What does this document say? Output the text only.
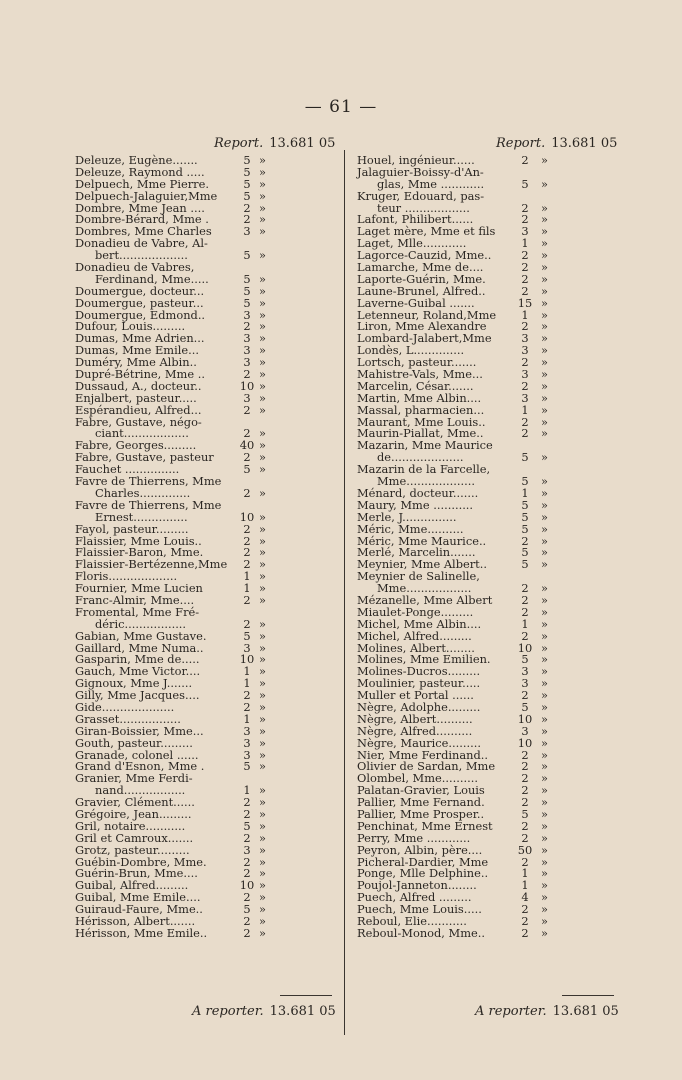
— 61 —
Report. 13.681 05	Report. 13.681 05
Deleuze, Eugène.......	5 »
Deleuze, Raymond .....	5 »
Delpuech, Mme Pierre.	5 »
Delpuech-Jalaguier,Mme	5 »
Dombre, Mme Jean ....	2 »
Dombre-Bérard, Mme .	2 »
Dombres, Mme Charles	3 »
Donadieu de Vabre, Al-
bert...................	5 »
Donadieu de Vabres,
Ferdinand, Mme.....	5 »
Doumergue, docteur...	5 »
Doumergue, pasteur...	5 »
Doumergue, Edmond..	3 »
Dufour, Louis.........	2 »
Dumas, Mme Adrien...	3 »
Dumas, Mme Emile...	3 »
Duméry, Mme Albin..	3 »
Dupré-Bétrine, Mme ..	2 »
Dussaud, A., docteur..	10 »
Enjalbert, pasteur.....	3 »
Espérandieu, Alfred...	2 »
Fabre, Gustave, négo-
ciant..................	2 »
Fabre, Georges.........	40 »
Fabre, Gustave, pasteur	2 »
Fauchet ...............	5 »
Favre de Thierrens, Mme
Charles..............	2 »
Favre de Thierrens, Mme
Ernest...............	10 »
Fayol, pasteur.........	2 »
Flaissier, Mme Louis..	2 »
Flaissier-Baron, Mme.	2 »
Flaissier-Bertézenne,Mme	2 »
Floris...................	1 »
Fournier, Mme Lucien	1 »
Franc-Almir, Mme....	2 »
Fromental, Mme Fré-
déric.................	2 »
Gabian, Mme Gustave.	5 »
Gaillard, Mme Numa..	3 »
Gasparin, Mme de.....	10 »
Gauch, Mme Victor....	1 »
Gignoux, Mme J.......	1 »
Gilly, Mme Jacques....	2 »
Gide....................	2 »
Grasset.................	1 »
Giran-Boissier, Mme...	3 »
Gouth, pasteur.........	3 »
Granade, colonel ......	3 »
Grand d'Esnon, Mme .	5 »
Granier, Mme Ferdi-
nand.................	1 »
Gravier, Clément......	2 »
Grégoire, Jean.........	2 »
Gril, notaire...........	5 »
Gril et Camroux.......	2 »
Grotz, pasteur.........	3 »
Guébin-Dombre, Mme.	2 »
Guérin-Brun, Mme....	2 »
Guibal, Alfred.........	10 »
Guibal, Mme Emile....	2 »
Guiraud-Faure, Mme..	5 »
Hérisson, Albert.......	2 »
Hérisson, Mme Emile..	2 »
Houel, ingénieur......	2	»
Jalaguier-Boissy-d'An-
glas, Mme ............	5	»
Kruger, Edouard, pas-
teur ..................	2	»
Lafont, Philibert......	2	»
Laget mère, Mme et fils	3	»
Laget, Mlle............	1	»
Lagorce-Cauzid, Mme..	2	»
Lamarche, Mme de....	2	»
Laporte-Guérin, Mme.	2	»
Laune-Brunel, Alfred..	2	»
Laverne-Guibal .......	15 »
Letenneur, Roland,Mme	1	»
Liron, Mme Alexandre	2	»
Lombard-Jalabert,Mme	3	»
Londès, L..............	3	»
Lortsch, pasteur.......	2	»
Mahistre-Vals, Mme...	3	»
Marcelin, César.......	2	»
Martin, Mme Albin....	3	»
Massal, pharmacien...	1	»
Maurant, Mme Louis..	2	»
Maurin-Piallat, Mme..	2	»
Mazarin, Mme Maurice
de....................	5	»
Mazarin de la Farcelle,
Mme...................	5	»
Ménard, docteur.......	1	»
Maury, Mme ...........	5	»
Merle, J...............	5	»
Méric, Mme..........	5	»
Méric, Mme Maurice..	2	»
Merlé, Marcelin.......	5	»
Meynier, Mme Albert..	5	»
Meynier de Salinelle,
Mme..................	2	»
Mézanelle, Mme Albert	2	»
Miaulet-Ponge.........	2	»
Michel, Mme Albin....	1	»
Michel, Alfred.........	2	»
Molines, Albert........	10 »
Molines, Mme Emilien.	5	»
Molines-Ducros.........	3	»
Moulinier, pasteur.....	3	»
Muller et Portal ......	2	»
Nègre, Adolphe.........	5	»
Nègre, Albert..........	10 »
Nègre, Alfred..........	3	»
Nègre, Maurice.........	10 »
Nier, Mme Ferdinand..	2	»
Olivier de Sardan, Mme	2	»
Olombel, Mme..........	2	»
Palatan-Gravier, Louis	2	»
Pallier, Mme Fernand.	2	»
Pallier, Mme Prosper..	5	»
Penchinat, Mme Ernest	2	»
Perry, Mme ............	2	»
Peyron, Albin, père....	50 »
Picheral-Dardier, Mme	2	»
Ponge, Mlle Delphine..	1	»
Poujol-Janneton........	1	»
Puech, Alfred .........	4	»
Puech, Mme Louis.....	2	»
Reboul, Elie...........	2	»
Reboul-Monod, Mme..	2	»
A reporter. 13.681 05	A reporter. 13.681 05
